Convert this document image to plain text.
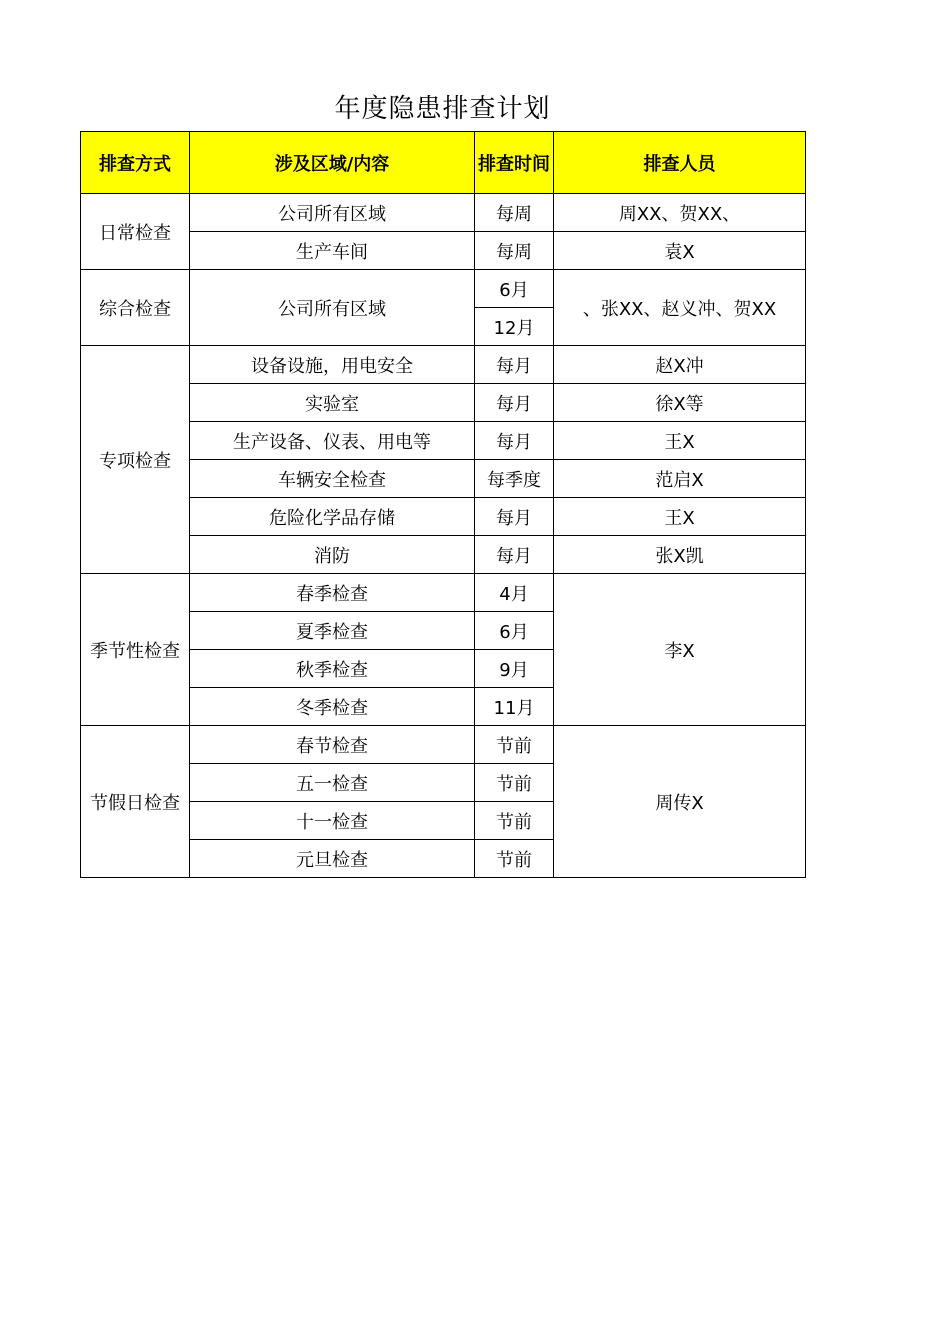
年度隐患排查计划
排查方式	涉及区域/内容	排查时间	排查人员
日常检查	公司所有区域	每周	周XX、贺XX、
	生产车间	每周	袁X
综合检查	公司所有区域	6月	、张XX、赵义冲、贺XX
		12月	
专项检查	设备设施，用电安全	每月	赵X冲
	实验室	每月	徐X等
	生产设备、仪表、用电等	每月	王X
	车辆安全检查	每季度	范启X
	危险化学品存储	每月	王X
	消防	每月	张X凯
季节性检查	春季检查	4月	李X
	夏季检查	6月	
	秋季检查	9月	
	冬季检查	11月	
节假日检查	春节检查	节前	周传X
	五一检查	节前	
	十一检查	节前	
	元旦检查	节前	
